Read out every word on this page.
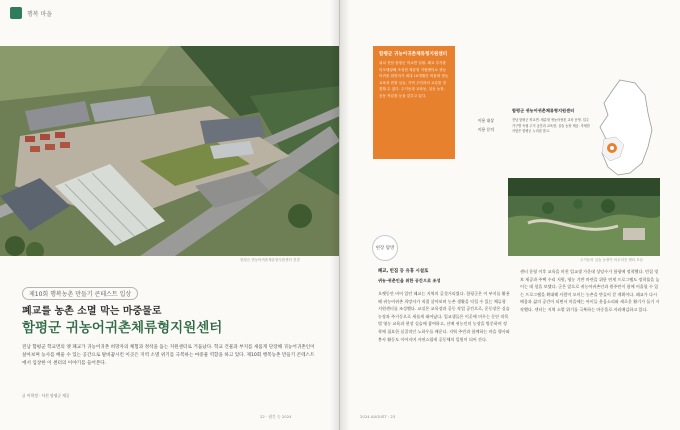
행복 마을
함평군 귀농어귀촌체류형지원센터 전경
제10회 행복농촌 만들기 콘테스트 입상
폐교를 농촌 소멸 막는 마중물로
함평군 귀농어귀촌체류형지원센터

전남 함평군 학교면의 옛 폐교가 귀농어귀촌 희망자의 체험과 정착을 돕는 지원센터로 거듭났다. 학교 건물과 부지를 새롭게 단장해 귀농어귀촌인이 살아보며 농사를 배울 수 있는 공간으로 탈바꿈시킨 이곳은 지역 소멸 위기를 극복하는 마중물 역할을 하고 있다. 제10회 행복농촌 만들기 콘테스트에서 입상한 이 센터의 이야기를 들어본다.

글 이희정 · 사진 함평군 제공
22 · 월간 농 2024
함평군 귀농어귀촌체류형지원센터
위치 전남 함평군 학교면 일원. 폐교 부지를 리모델링해 조성한 체류형 지원센터로 귀농어귀촌 희망자가 최대 10개월간 머물며 영농 교육과 현장 실습, 지역 주민과의 교류를 경험할 수 있다. 주거동과 교육동, 실습 농장, 공동 작업장 등을 갖추고 있다.
이용 대상
이용 문의
함평군 귀농어귀촌체류형지원센터
전남 함평군 학교면. 체류형 귀농어귀촌 교육 운영. 입주 가구별 독립 주거 공간과 교육장, 실습 농장 제공. 자세한 사항은 함평군 누리집 참고.
주거동과 실습 농장이 어우러진 센터 모습
현장 탐방
폐교, 빈집 등 유휴 시설로
귀농·귀촌인을 위한 공간으로 조성

오랫동안 비어 있던 폐교는 지역의 골칫거리였다. 함평군은 이 부지를 활용해 귀농어귀촌 희망자가 직접 살아보며 농촌 생활을 익힐 수 있는 체류형 지원센터를 조성했다. 교실은 교육장과 공동 작업 공간으로, 운동장은 실습 농장과 주거동으로 새롭게 태어났다. 입교생들은 이곳에 머무는 동안 작목별 영농 교육과 현장 실습에 참여하고, 선배 귀농인의 농장을 방문하며 정착에 필요한 실질적인 노하우를 배운다. 지역 주민과 함께하는 마을 행사와 봉사 활동도 이어지며 자연스럽게 공동체의 일원이 되어 간다.

센터 운영 이후 교육을 마친 입교생 가운데 상당수가 함평에 정착했다. 빈집 정보 제공과 주택 수리 지원, 영농 기반 마련을 위한 연계 프로그램도 정착률을 높이는 데 힘을 보탰다. 군은 앞으로 귀농어귀촌인과 원주민이 함께 어울릴 수 있는 프로그램을 확대해 사람이 모이는 농촌을 만들어 갈 계획이다. 폐교가 다시 배움과 삶의 공간이 되면서 마을에는 아이들 웃음소리와 새로운 활기가 돌기 시작했다. 센터는 지역 소멸 위기를 극복하는 마중물로 자리매김하고 있다.

2024 AUGUST · 23
